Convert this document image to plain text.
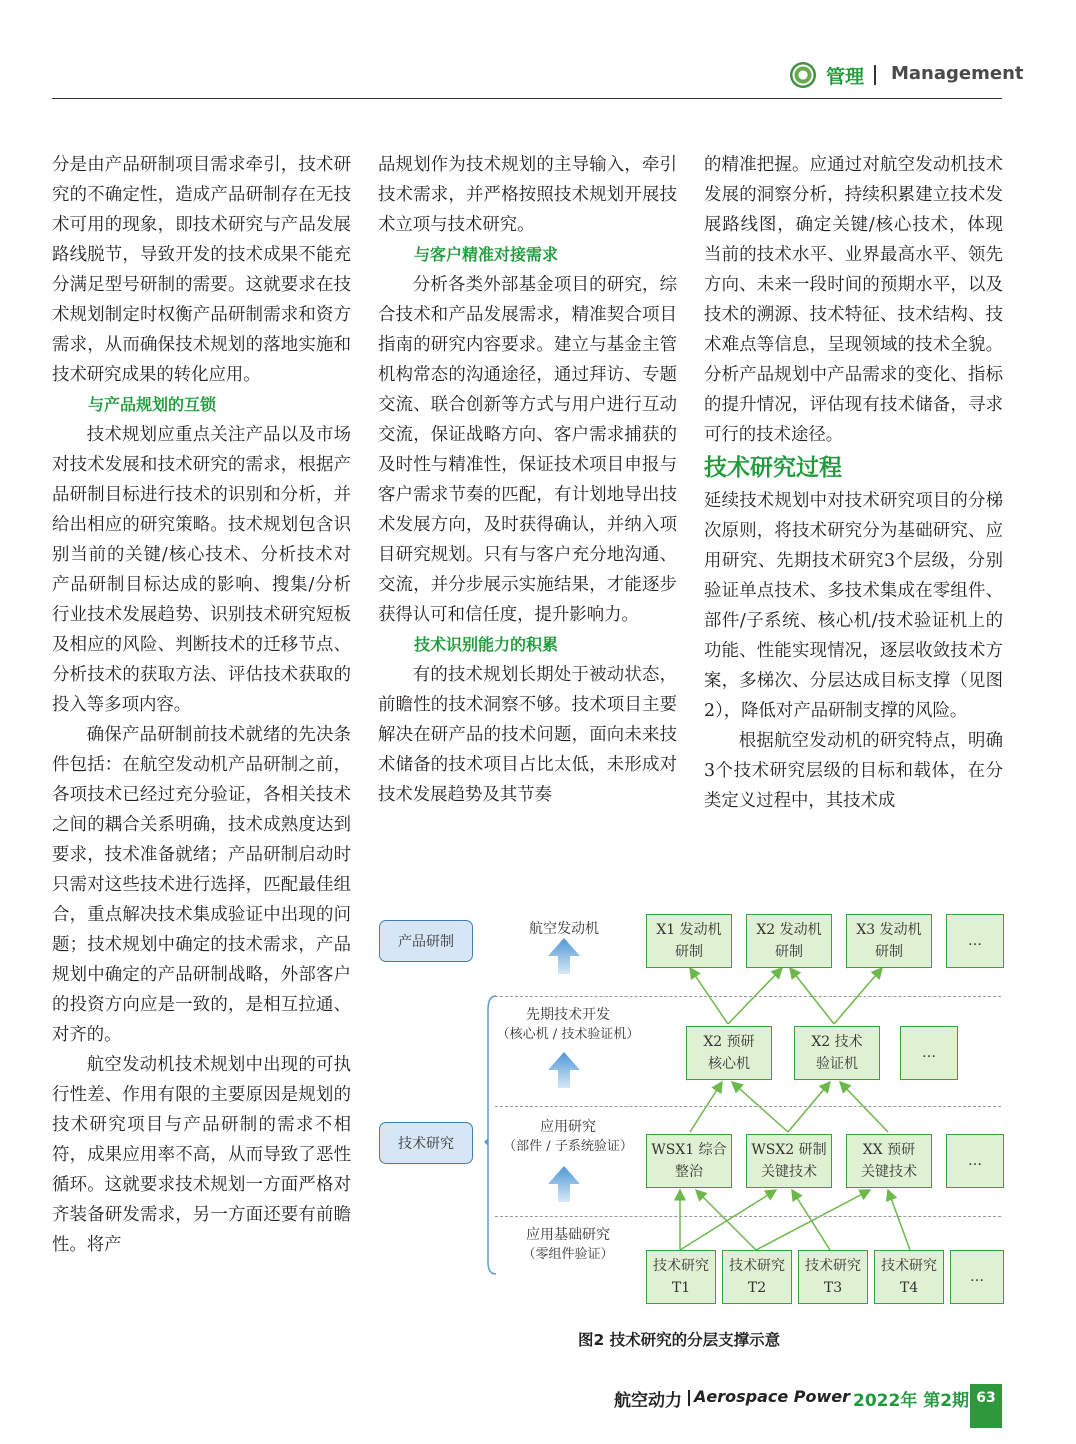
管理 Management

分是由产品研制项目需求牵引，技术研究的不确定性，造成产品研制存在无技术可用的现象，即技术研究与产品发展路线脱节，导致开发的技术成果不能充分满足型号研制的需要。这就要求在技术规划制定时权衡产品研制需求和资方需求，从而确保技术规划的落地实施和技术研究成果的转化应用。

与产品规划的互锁

技术规划应重点关注产品以及市场对技术发展和技术研究的需求，根据产品研制目标进行技术的识别和分析，并给出相应的研究策略。技术规划包含识别当前的关键/核心技术、分析技术对产品研制目标达成的影响、搜集/分析行业技术发展趋势、识别技术研究短板及相应的风险、判断技术的迁移节点、分析技术的获取方法、评估技术获取的投入等多项内容。

确保产品研制前技术就绪的先决条件包括：在航空发动机产品研制之前，各项技术已经过充分验证，各相关技术之间的耦合关系明确，技术成熟度达到要求，技术准备就绪；产品研制启动时只需对这些技术进行选择，匹配最佳组合，重点解决技术集成验证中出现的问题；技术规划中确定的技术需求，产品规划中确定的产品研制战略，外部客户的投资方向应是一致的，是相互拉通、对齐的。

航空发动机技术规划中出现的可执行性差、作用有限的主要原因是规划的技术研究项目与产品研制的需求不相符，成果应用率不高，从而导致了恶性循环。这就要求技术规划一方面严格对齐装备研发需求，另一方面还要有前瞻性。将产

品规划作为技术规划的主导输入，牵引技术需求，并严格按照技术规划开展技术立项与技术研究。

与客户精准对接需求

分析各类外部基金项目的研究，综合技术和产品发展需求，精准契合项目指南的研究内容要求。建立与基金主管机构常态的沟通途径，通过拜访、专题交流、联合创新等方式与用户进行互动交流，保证战略方向、客户需求捕获的及时性与精准性，保证技术项目申报与客户需求节奏的匹配，有计划地导出技术发展方向，及时获得确认，并纳入项目研究规划。只有与客户充分地沟通、交流，并分步展示实施结果，才能逐步获得认可和信任度，提升影响力。

技术识别能力的积累

有的技术规划长期处于被动状态，前瞻性的技术洞察不够。技术项目主要解决在研产品的技术问题，面向未来技术储备的技术项目占比太低，未形成对技术发展趋势及其节奏

的精准把握。应通过对航空发动机技术发展的洞察分析，持续积累建立技术发展路线图，确定关键/核心技术，体现当前的技术水平、业界最高水平、领先方向、未来一段时间的预期水平，以及技术的溯源、技术特征、技术结构、技术难点等信息，呈现领域的技术全貌。分析产品规划中产品需求的变化、指标的提升情况，评估现有技术储备，寻求可行的技术途径。

技术研究过程

延续技术规划中对技术研究项目的分梯次原则，将技术研究分为基础研究、应用研究、先期技术研究3个层级，分别验证单点技术、多技术集成在零组件、部件/子系统、核心机/技术验证机上的功能、性能实现情况，逐层收敛技术方案，多梯次、分层达成目标支撑（见图2），降低对产品研制支撑的风险。

根据航空发动机的研究特点，明确3个技术研究层级的目标和载体，在分类定义过程中，其技术成

产品研制
技术研究
航空发动机
先期技术开发
（核心机 / 技术验证机）
应用研究
（部件 / 子系统验证）
应用基础研究
（零组件验证）
X1 发动机
研制
X2 发动机
研制
X3 发动机
研制
…
X2 预研
核心机
X2 技术
验证机
…
WSX1 综合
整治
WSX2 研制
关键技术
XX 预研
关键技术
…
技术研究
T1
技术研究
T2
技术研究
T3
技术研究
T4
…
图2 技术研究的分层支撑示意
航空动力 Aerospace Power 2022年 第2期 63
